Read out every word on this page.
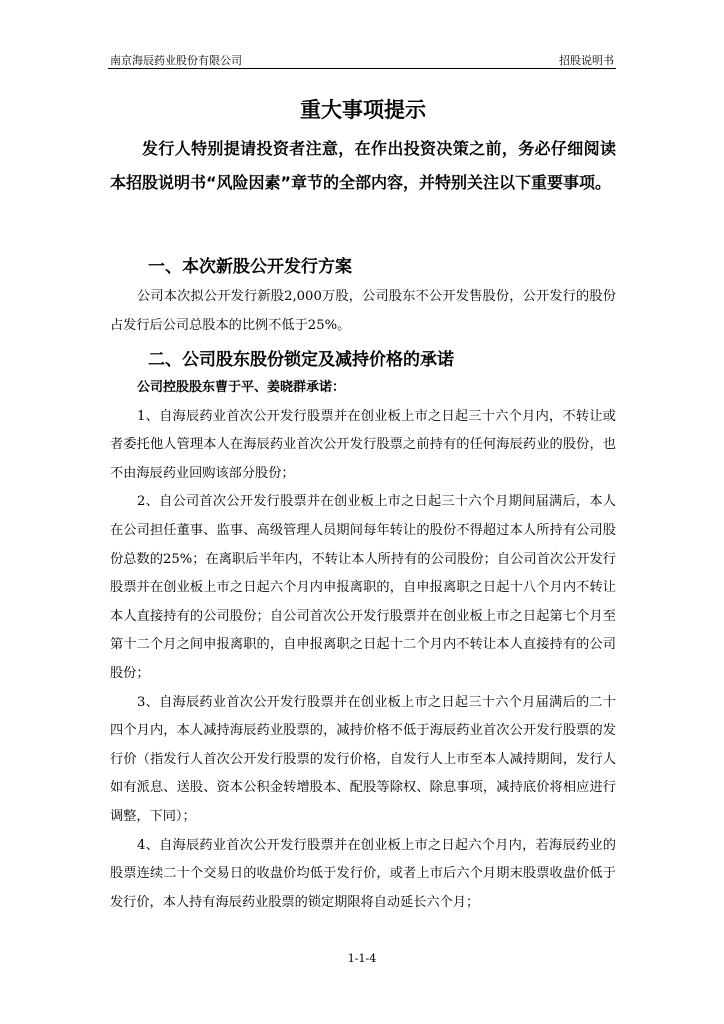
南京海辰药业股份有限公司	招股说明书
重大事项提示

发行人特别提请投资者注意，在作出投资决策之前，务必仔细阅读本招股说明书“风险因素”章节的全部内容，并特别关注以下重要事项。

一、本次新股公开发行方案

公司本次拟公开发行新股2,000万股，公司股东不公开发售股份，公开发行的股份占发行后公司总股本的比例不低于25%。

二、公司股东股份锁定及减持价格的承诺

公司控股股东曹于平、姜晓群承诺：

1、自海辰药业首次公开发行股票并在创业板上市之日起三十六个月内，不转让或者委托他人管理本人在海辰药业首次公开发行股票之前持有的任何海辰药业的股份，也不由海辰药业回购该部分股份；

2、自公司首次公开发行股票并在创业板上市之日起三十六个月期间届满后，本人在公司担任董事、监事、高级管理人员期间每年转让的股份不得超过本人所持有公司股份总数的25%；在离职后半年内，不转让本人所持有的公司股份；自公司首次公开发行股票并在创业板上市之日起六个月内申报离职的，自申报离职之日起十八个月内不转让本人直接持有的公司股份；自公司首次公开发行股票并在创业板上市之日起第七个月至第十二个月之间申报离职的，自申报离职之日起十二个月内不转让本人直接持有的公司股份；

3、自海辰药业首次公开发行股票并在创业板上市之日起三十六个月届满后的二十四个月内，本人减持海辰药业股票的，减持价格不低于海辰药业首次公开发行股票的发行价（指发行人首次公开发行股票的发行价格，自发行人上市至本人减持期间，发行人如有派息、送股、资本公积金转增股本、配股等除权、除息事项，减持底价将相应进行调整，下同）；

4、自海辰药业首次公开发行股票并在创业板上市之日起六个月内，若海辰药业的股票连续二十个交易日的收盘价均低于发行价，或者上市后六个月期末股票收盘价低于发行价，本人持有海辰药业股票的锁定期限将自动延长六个月；

1-1-4
